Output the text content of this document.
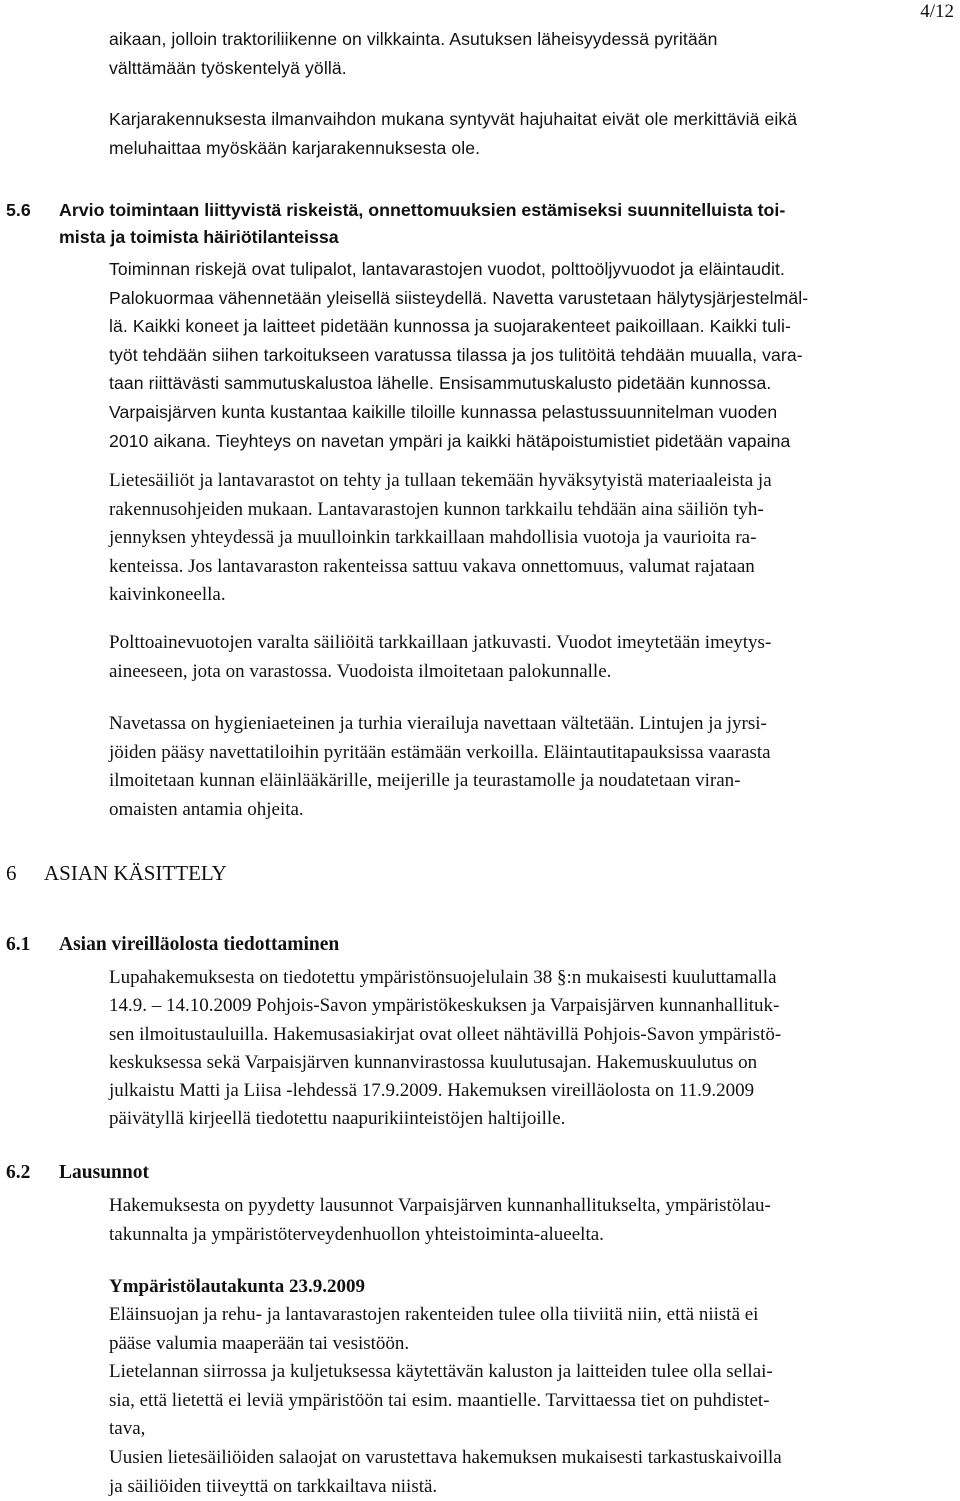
4/12

aikaan, jolloin traktoriliikenne on vilkkainta. Asutuksen läheisyydessä pyritään
välttämään työskentelyä yöllä.

Karjarakennuksesta ilmanvaihdon mukana syntyvät hajuhaitat eivät ole merkittäviä eikä
meluhaittaa myöskään karjarakennuksesta ole.

5.6 Arvio toimintaan liittyvistä riskeistä, onnettomuuksien estämiseksi suunnitelluista toi-
mista ja toimista häiriötilanteissa

Toiminnan riskejä ovat tulipalot, lantavarastojen vuodot, polttoöljyvuodot ja eläintaudit.
Palokuormaa vähennetään yleisellä siisteydellä. Navetta varustetaan hälytysjärjestelmäl-
lä. Kaikki koneet ja laitteet pidetään kunnossa ja suojarakenteet paikoillaan. Kaikki tuli-
työt tehdään siihen tarkoitukseen varatussa tilassa ja jos tulitöitä tehdään muualla, vara-
taan riittävästi sammutuskalustoa lähelle. Ensisammutuskalusto pidetään kunnossa.
Varpaisjärven kunta kustantaa kaikille tiloille kunnassa pelastussuunnitelman vuoden
2010 aikana. Tieyhteys on navetan ympäri ja kaikki hätäpoistumistiet pidetään vapaina

Lietesäiliöt ja lantavarastot on tehty ja tullaan tekemään hyväksytyistä materiaaleista ja
rakennusohjeiden mukaan. Lantavarastojen kunnon tarkkailu tehdään aina säiliön tyh-
jennyksen yhteydessä ja muulloinkin tarkkaillaan mahdollisia vuotoja ja vaurioita ra-
kenteissa. Jos lantavaraston rakenteissa sattuu vakava onnettomuus, valumat rajataan
kaivinkoneella.

Polttoainevuotojen varalta säiliöitä tarkkaillaan jatkuvasti. Vuodot imeytetään imeytys-
aineeseen, jota on varastossa. Vuodoista ilmoitetaan palokunnalle.

Navetassa on hygieniaeteinen ja turhia vierailuja navettaan vältetään. Lintujen ja jyrsi-
jöiden pääsy navettatiloihin pyritään estämään verkoilla. Eläintautitapauksissa vaarasta
ilmoitetaan kunnan eläinlääkärille, meijerille ja teurastamolle ja noudatetaan viran-
omaisten antamia ohjeita.

6 ASIAN KÄSITTELY
6.1 Asian vireilläolosta tiedottaminen

Lupahakemuksesta on tiedotettu ympäristönsuojelulain 38 §:n mukaisesti kuuluttamalla
14.9. – 14.10.2009 Pohjois-Savon ympäristökeskuksen ja Varpaisjärven kunnanhallituk-
sen ilmoitustauluilla. Hakemusasiakirjat ovat olleet nähtävillä Pohjois-Savon ympäristö-
keskuksessa sekä Varpaisjärven kunnanvirastossa kuulutusajan. Hakemuskuulutus on
julkaistu Matti ja Liisa -lehdessä 17.9.2009. Hakemuksen vireilläolosta on 11.9.2009
päivätyllä kirjeellä tiedotettu naapurikiinteistöjen haltijoille.

6.2 Lausunnot

Hakemuksesta on pyydetty lausunnot Varpaisjärven kunnanhallitukselta, ympäristölau-
takunnalta ja ympäristöterveydenhuollon yhteistoiminta-alueelta.

Ympäristölautakunta 23.9.2009

Eläinsuojan ja rehu- ja lantavarastojen rakenteiden tulee olla tiiviitä niin, että niistä ei
pääse valumia maaperään tai vesistöön.
Lietelannan siirrossa ja kuljetuksessa käytettävän kaluston ja laitteiden tulee olla sellai-
sia, että lietettä ei leviä ympäristöön tai esim. maantielle. Tarvittaessa tiet on puhdistet-
tava,
Uusien lietesäiliöiden salaojat on varustettava hakemuksen mukaisesti tarkastuskaivoilla
ja säiliöiden tiiveyttä on tarkkailtava niistä.
